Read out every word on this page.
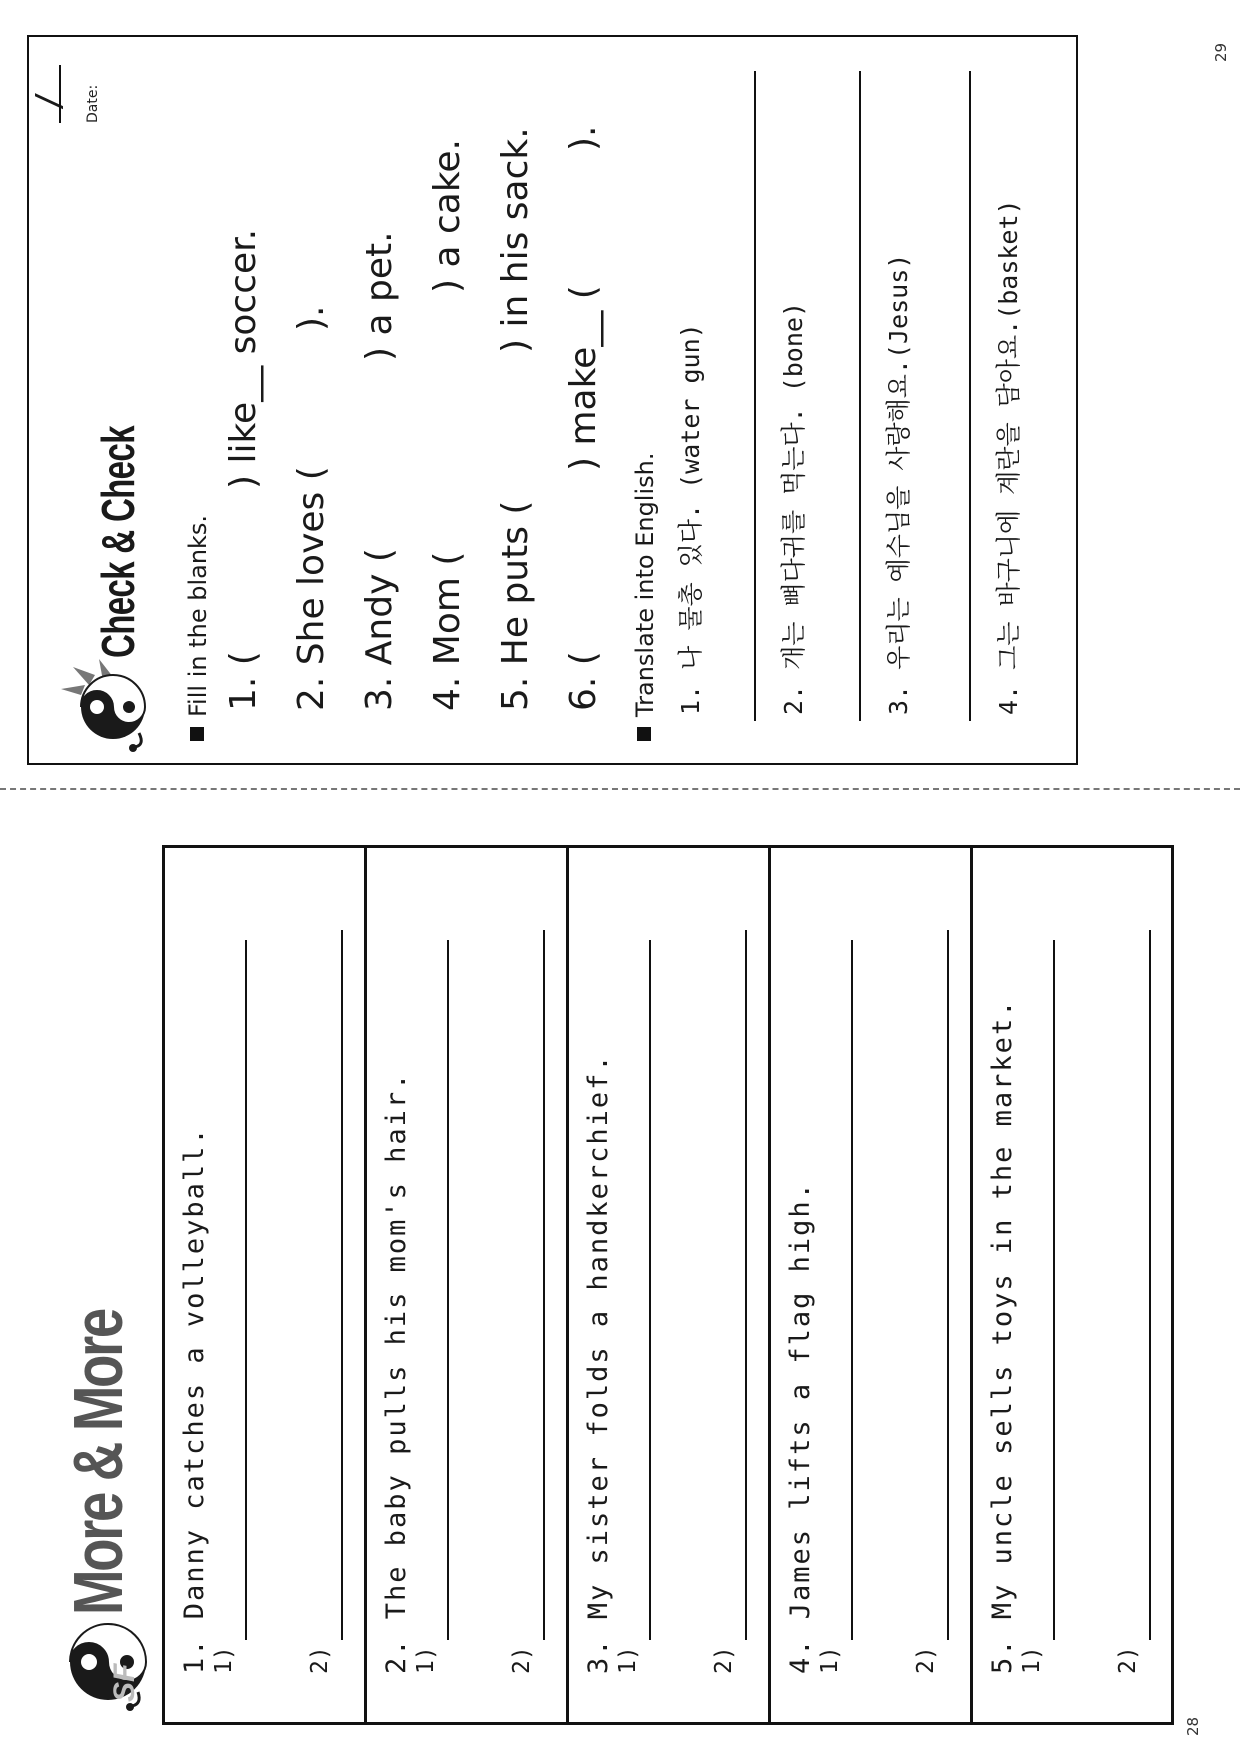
SF
More & More 1. Danny catches a volleyball. 1)	2) 2. The baby pulls his mom's hair. 1)	2) 3. My sister folds a handkerchief. 1)	2) 4. James lifts a flag high. 1)	2) 5. My uncle sells toys in the market. 1)	2)
28
Check & Check
/ Date:
Fill in the blanks. 1. (
) like__ soccer.
2. She loves (
).
3. Andy (
) a pet.
4. Mom (
) a cake.
5. He puts (
) in his sack.
6. (
) make__ (
).
Translate into English. 1. 나 물총 있다. (water gun)	2. 개는 뼈다귀를 먹는다. (bone)	3. 우리는 예수님을 사랑해요.(Jesus)	4. 그는 바구니에 계란을 담아요.(basket)
29
